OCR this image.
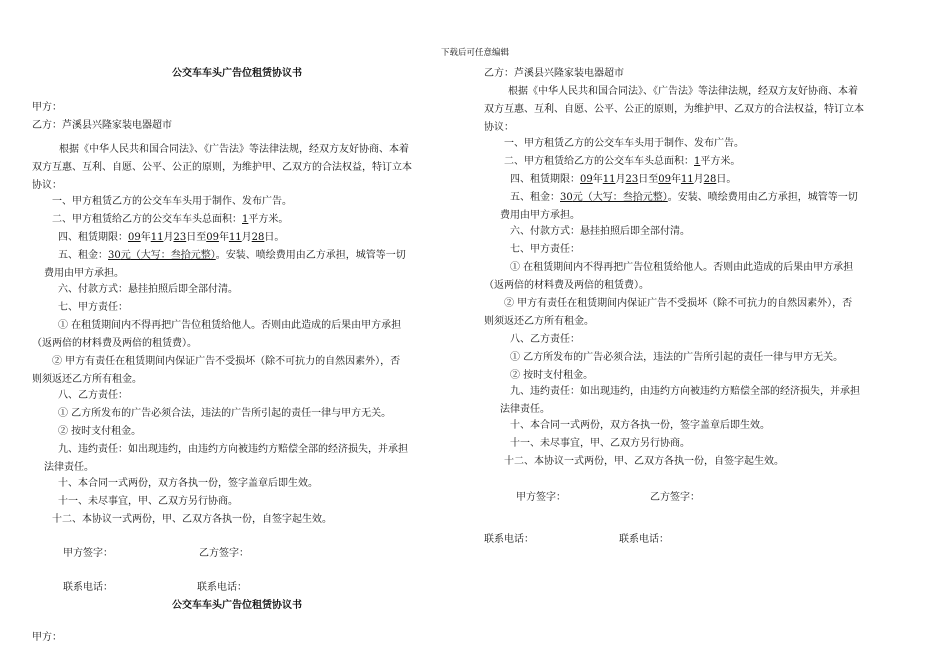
下载后可任意编辑
公交车车头广告位租赁协议书
甲方：
乙方：芦溪县兴隆家装电器超市
根据《中华人民共和国合同法》、《广告法》等法律法规，经双方友好协商、本着
双方互惠、互利、自愿、公平、公正的原则，为维护甲、乙双方的合法权益，特订立本
协议：
一、甲方租赁乙方的公交车车头用于制作、发布广告。
二、甲方租赁给乙方的公交车车头总面积：1平方米。
四、租赁期限：09年11月23日至09年11月28日。
五、租金：30元（大写：叁拾元整）。安装、喷绘费用由乙方承担，城管等一切
费用由甲方承担。
六、付款方式：悬挂拍照后即全部付清。
七、甲方责任：
① 在租赁期间内不得再把广告位租赁给他人。否则由此造成的后果由甲方承担
（返两倍的材料费及两倍的租赁费）。
② 甲方有责任在租赁期间内保证广告不受损坏（除不可抗力的自然因素外），否
则须返还乙方所有租金。
八、乙方责任：
① 乙方所发布的广告必须合法，违法的广告所引起的责任一律与甲方无关。
② 按时支付租金。
九、违约责任：如出现违约，由违约方向被违约方赔偿全部的经济损失，并承担
法律责任。
十、本合同一式两份，双方各执一份，签字盖章后即生效。
十一、未尽事宜，甲、乙双方另行协商。
十二、本协议一式两份，甲、乙双方各执一份，自签字起生效。
甲方签字：	乙方签字：
联系电话：	联系电话：
公交车车头广告位租赁协议书
甲方：
乙方：芦溪县兴隆家装电器超市
根据《中华人民共和国合同法》、《广告法》等法律法规，经双方友好协商、本着
双方互惠、互利、自愿、公平、公正的原则，为维护甲、乙双方的合法权益，特订立本
协议：
一、甲方租赁乙方的公交车车头用于制作、发布广告。
二、甲方租赁给乙方的公交车车头总面积：1平方米。
四、租赁期限：09年11月23日至09年11月28日。
五、租金：30元（大写：叁拾元整）。安装、喷绘费用由乙方承担，城管等一切
费用由甲方承担。
六、付款方式：悬挂拍照后即全部付清。
七、甲方责任：
① 在租赁期间内不得再把广告位租赁给他人。否则由此造成的后果由甲方承担
（返两倍的材料费及两倍的租赁费）。
② 甲方有责任在租赁期间内保证广告不受损坏（除不可抗力的自然因素外），否
则须返还乙方所有租金。
八、乙方责任：
① 乙方所发布的广告必须合法，违法的广告所引起的责任一律与甲方无关。
② 按时支付租金。
九、违约责任：如出现违约，由违约方向被违约方赔偿全部的经济损失，并承担
法律责任。
十、本合同一式两份，双方各执一份，签字盖章后即生效。
十一、未尽事宜，甲、乙双方另行协商。
十二、本协议一式两份，甲、乙双方各执一份，自签字起生效。
甲方签字：	乙方签字：
联系电话：	联系电话：
